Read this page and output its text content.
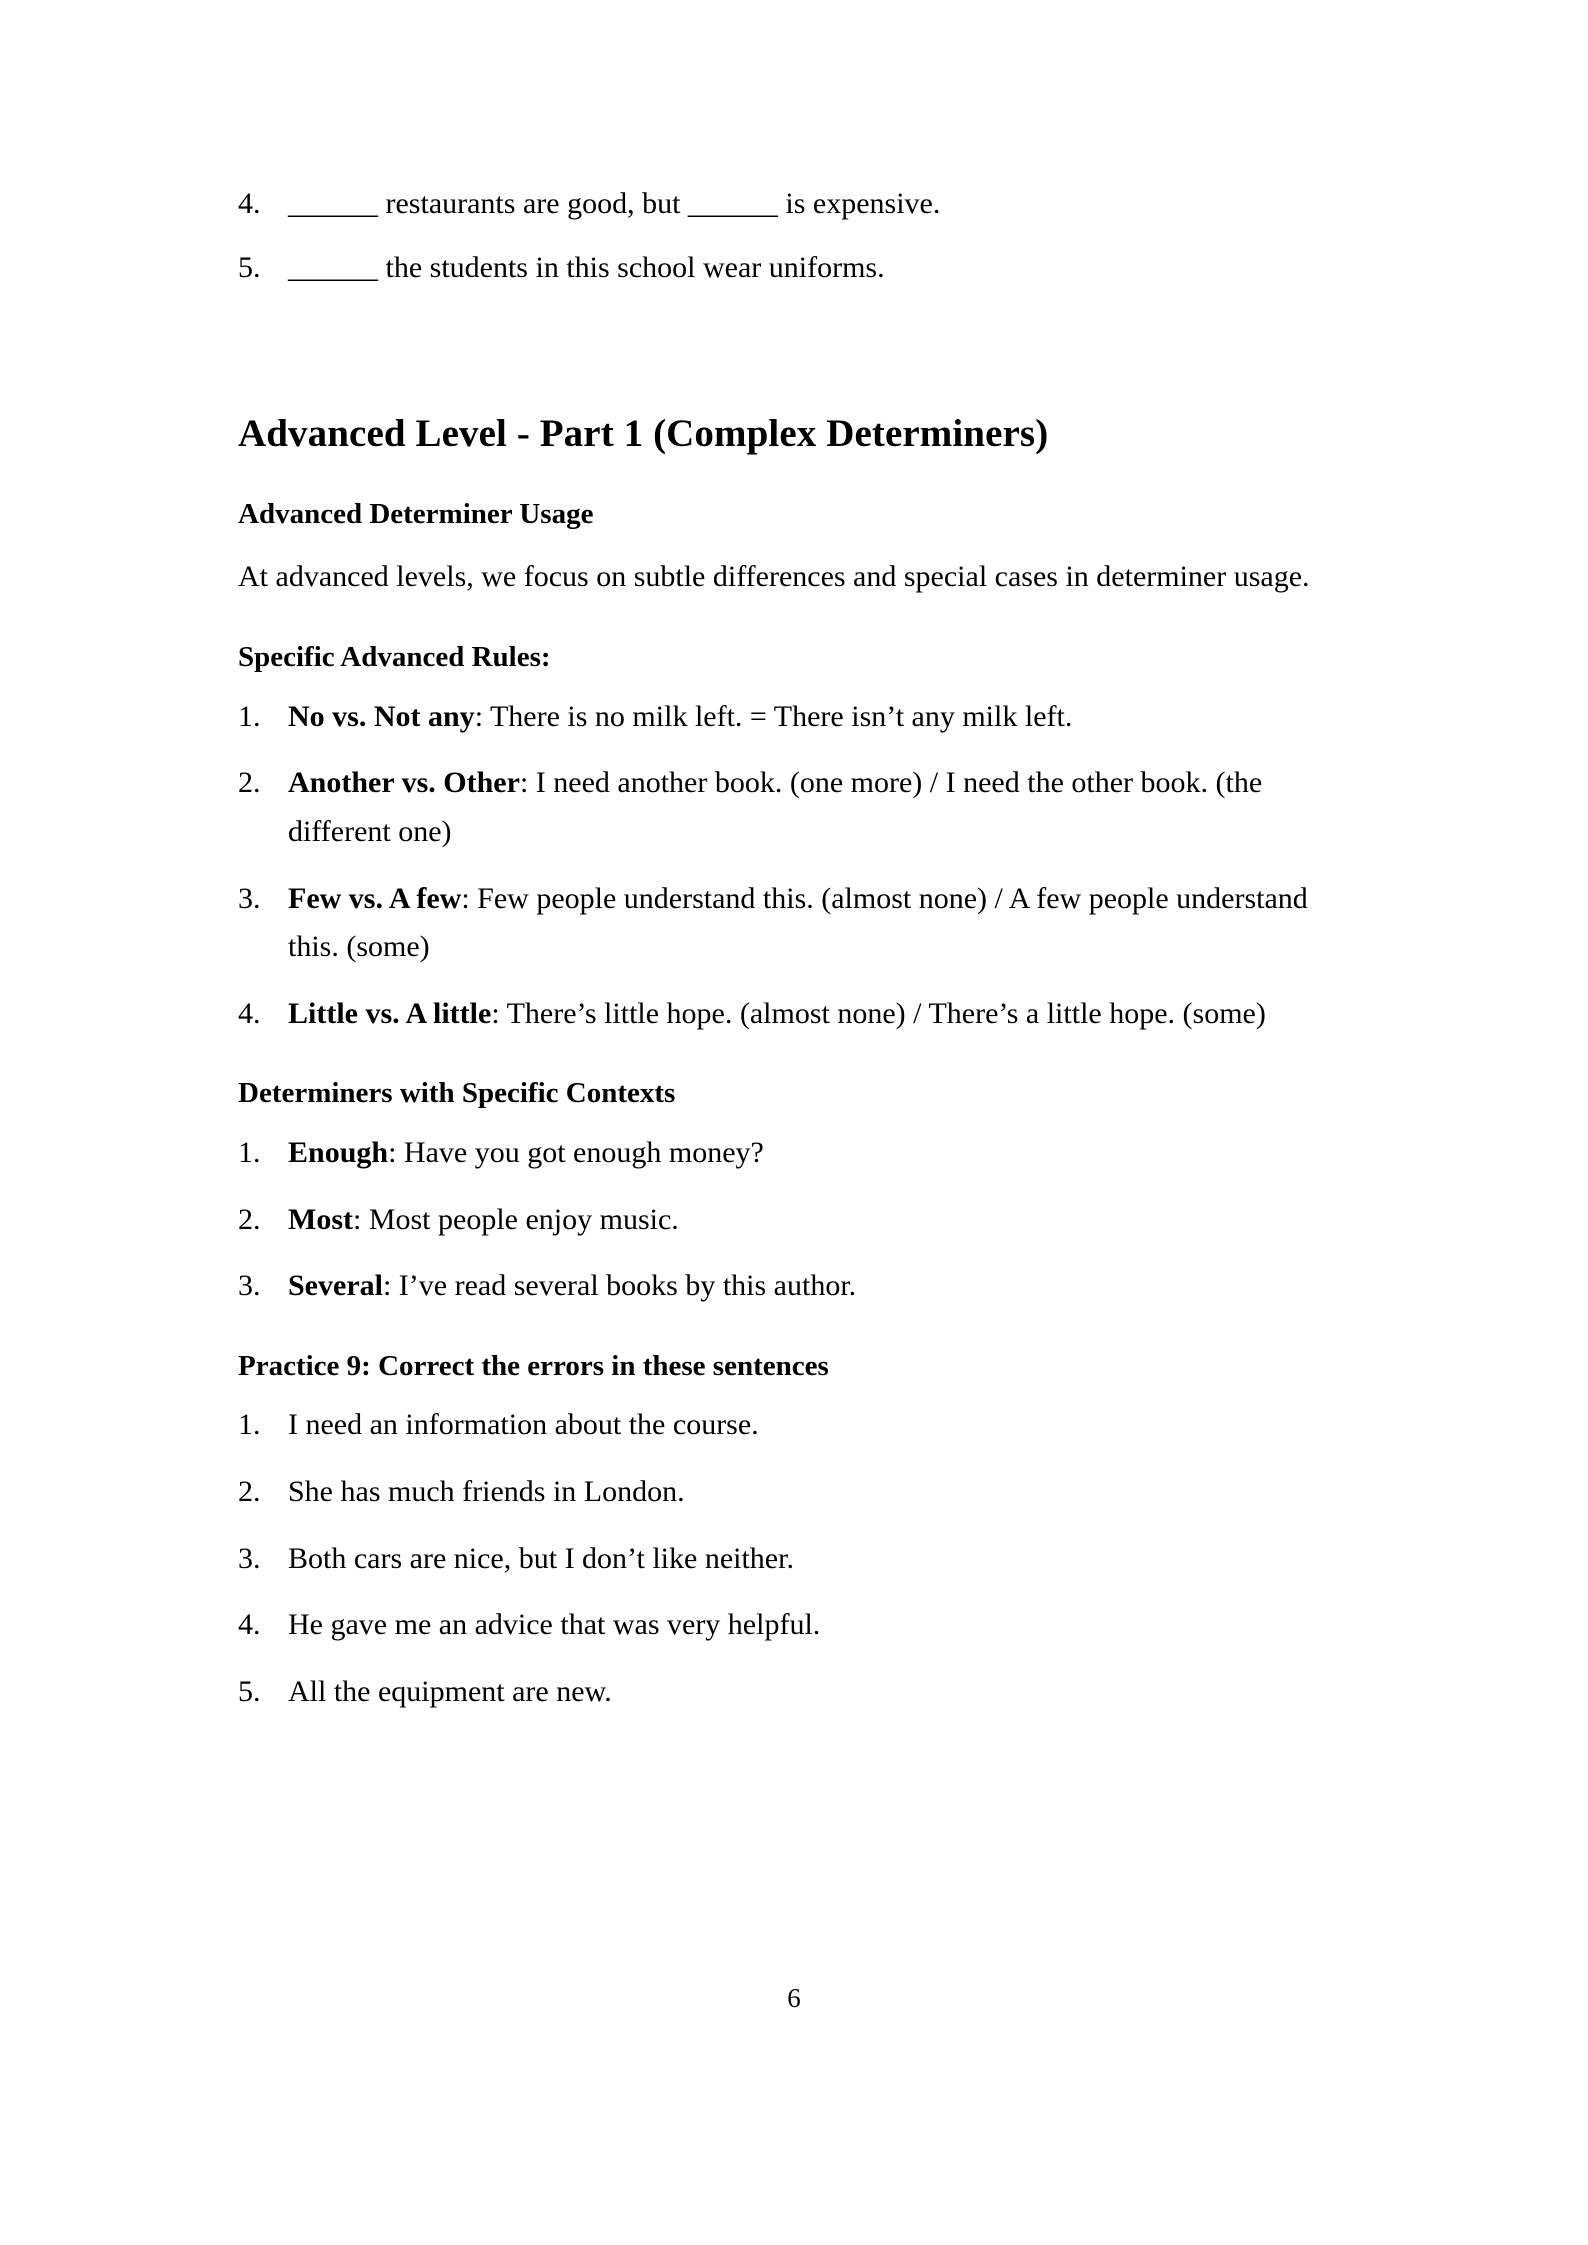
4. ______ restaurants are good, but ______ is expensive.
5. ______ the students in this school wear uniforms.
Advanced Level - Part 1 (Complex Determiners)
Advanced Determiner Usage

At advanced levels, we focus on subtle differences and special cases in determiner usage.

Specific Advanced Rules:
1. No vs. Not any: There is no milk left. = There isn’t any milk left.
2. Another vs. Other: I need another book. (one more) / I need the other book. (the different one)
3. Few vs. A few: Few people understand this. (almost none) / A few people understand this. (some)
4. Little vs. A little: There’s little hope. (almost none) / There’s a little hope. (some)
Determiners with Specific Contexts
1. Enough: Have you got enough money?
2. Most: Most people enjoy music.
3. Several: I’ve read several books by this author.
Practice 9: Correct the errors in these sentences
1. I need an information about the course.
2. She has much friends in London.
3. Both cars are nice, but I don’t like neither.
4. He gave me an advice that was very helpful.
5. All the equipment are new.
6
